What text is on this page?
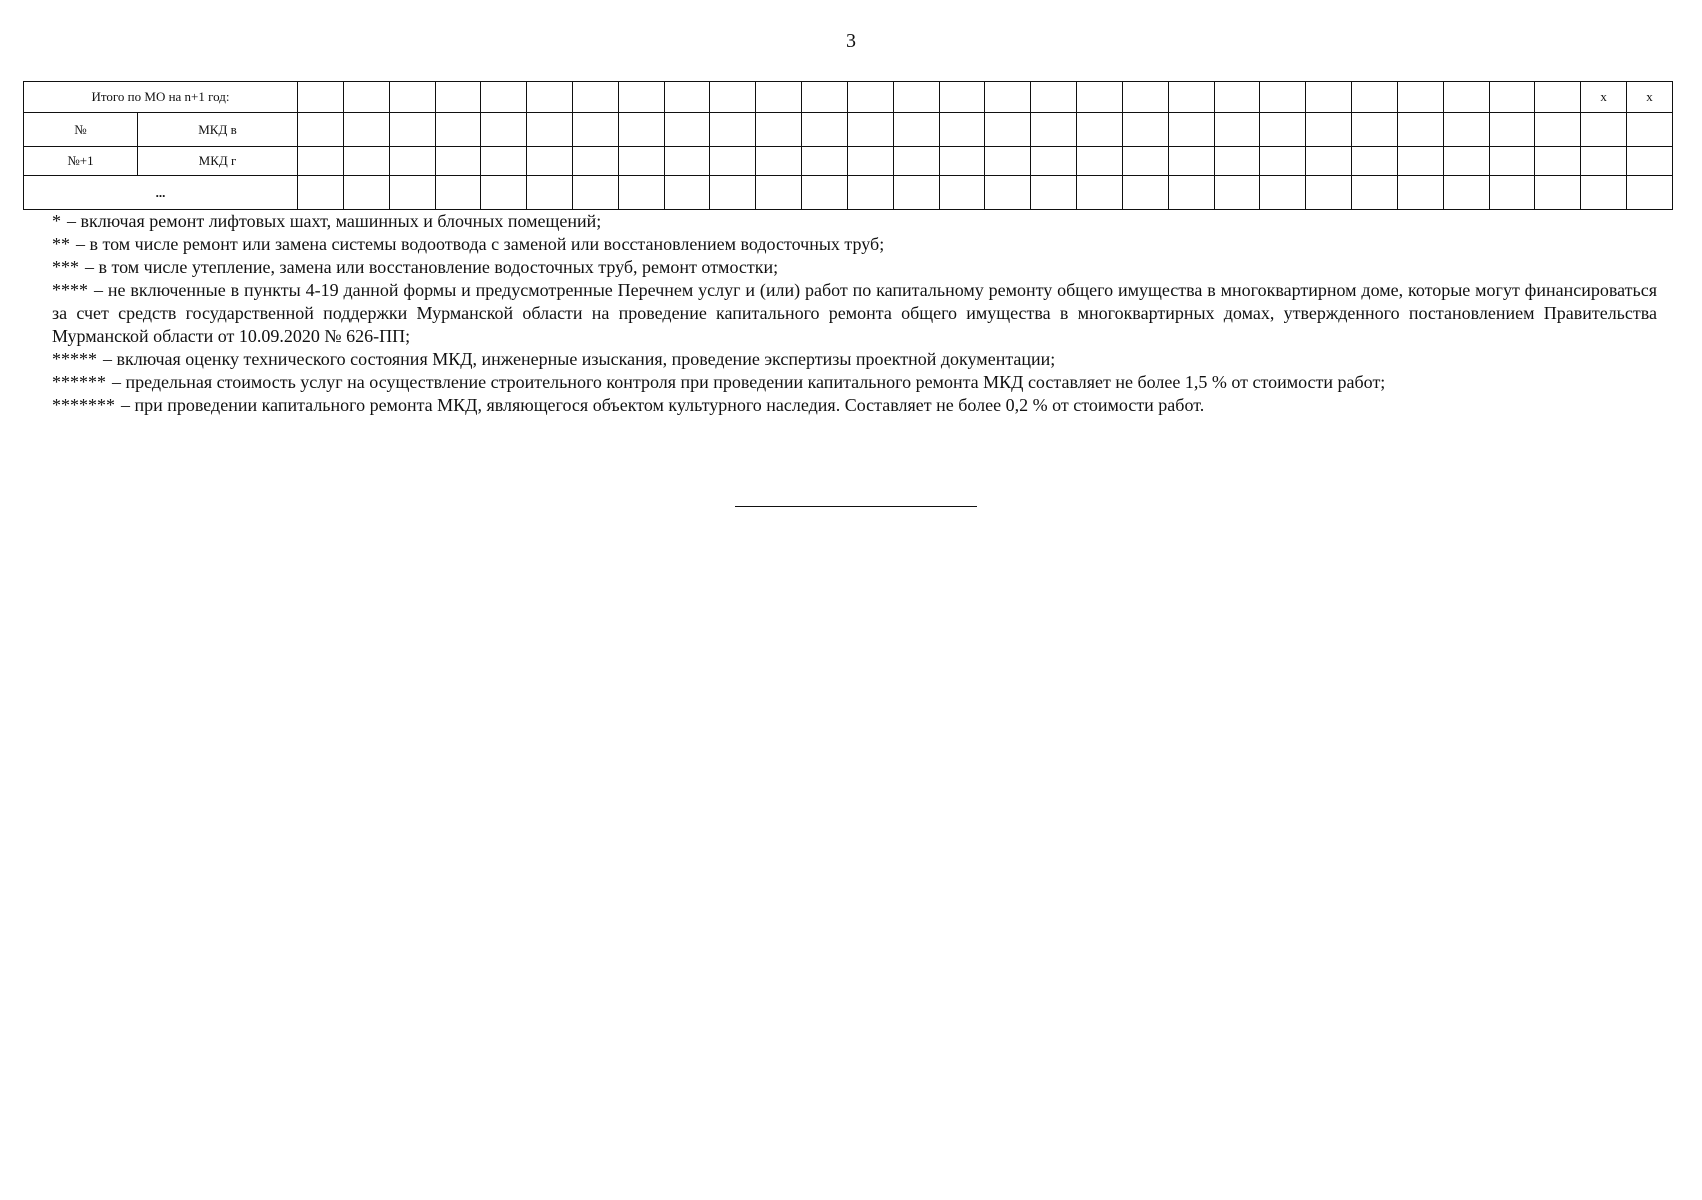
3
Итого по МО на n+1 год:																														x	x
№	МКД в																														
№+1	МКД г																														
...																															

* – включая ремонт лифтовых шахт, машинных и блочных помещений;

** – в том числе ремонт или замена системы водоотвода с заменой или восстановлением водосточных труб;

*** – в том числе утепление, замена или восстановление водосточных труб, ремонт отмостки;

**** – не включенные в пункты 4-19 данной формы и предусмотренные Перечнем услуг и (или) работ по капитальному ремонту общего имущества в многоквартирном доме, которые могут финансироваться за счет средств государственной поддержки Мурманской области на проведение капитального ремонта общего имущества в многоквартирных домах, утвержденного постановлением Правительства Мурманской области от 10.09.2020 № 626-ПП;

***** – включая оценку технического состояния МКД, инженерные изыскания, проведение экспертизы проектной документации;

****** – предельная стоимость услуг на осуществление строительного контроля при проведении капитального ремонта МКД составляет не более 1,5 % от стоимости работ;

******* – при проведении капитального ремонта МКД, являющегося объектом культурного наследия. Составляет не более 0,2 % от стоимости работ.
